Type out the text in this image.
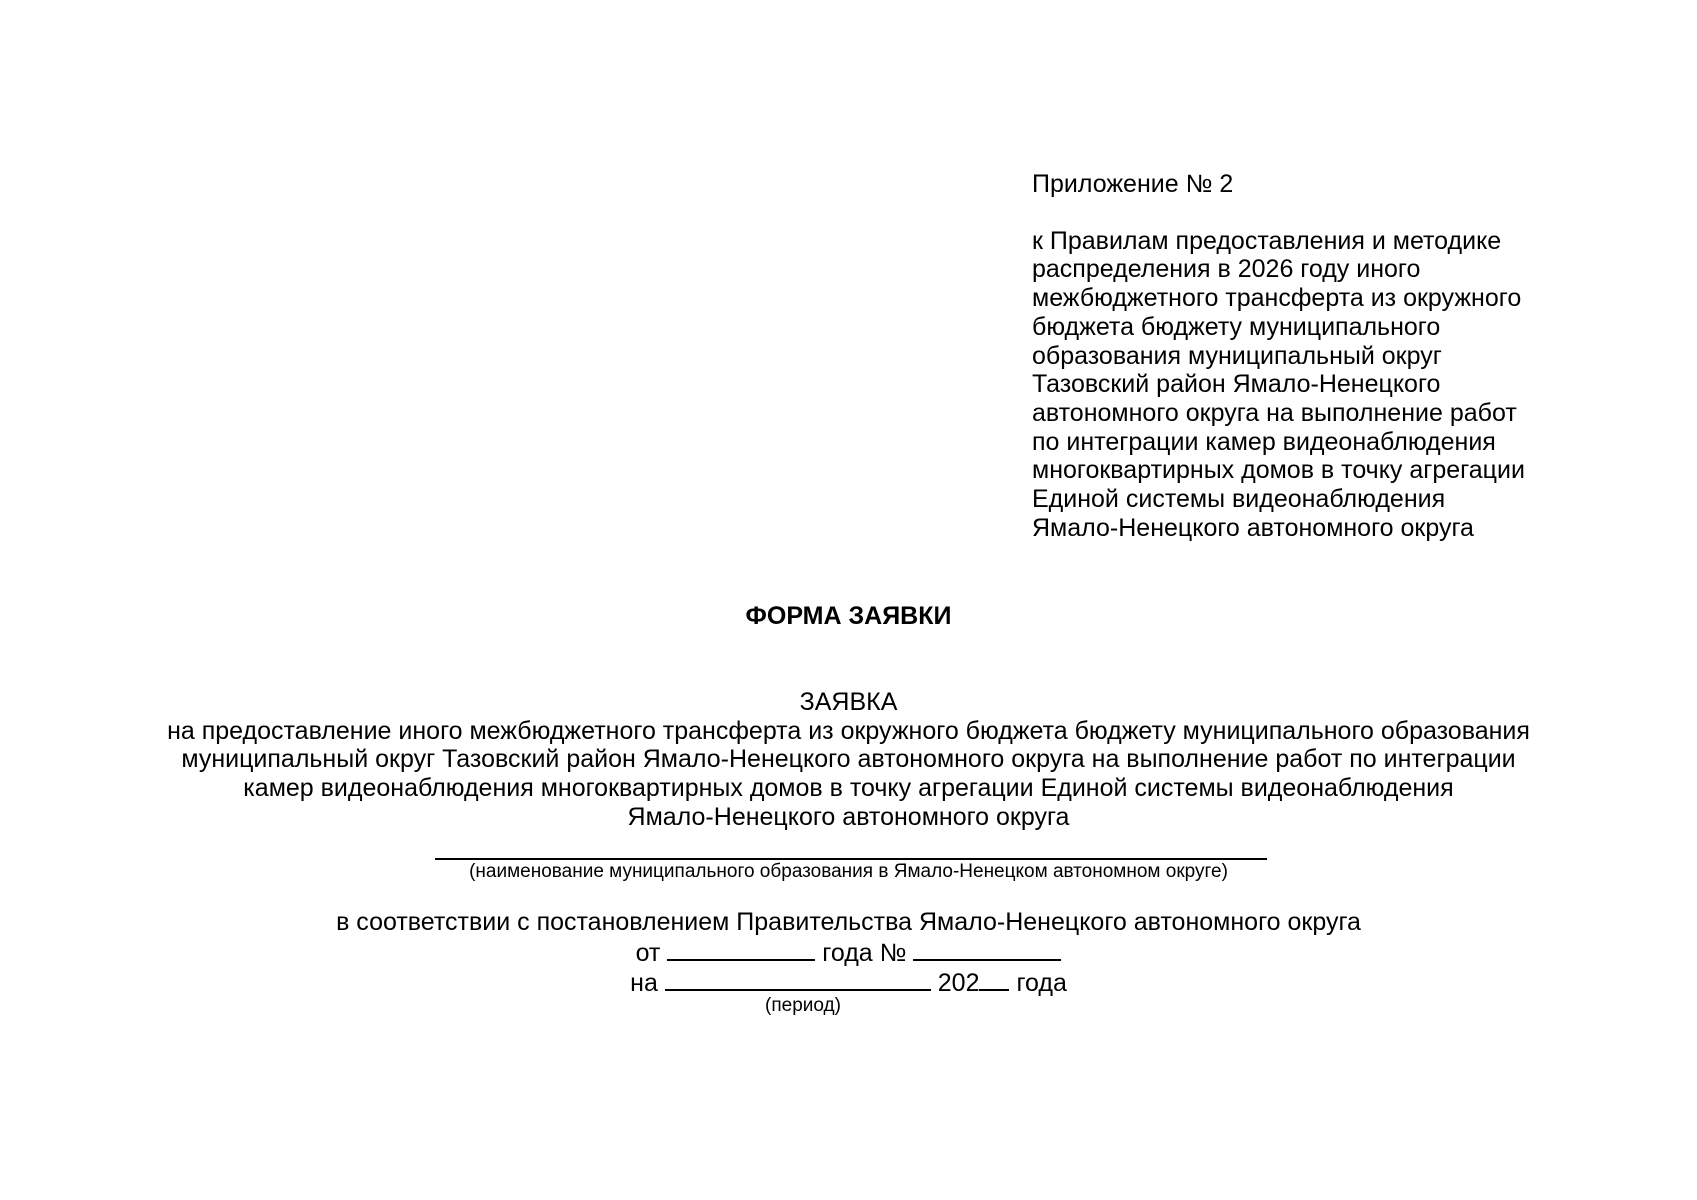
Приложение № 2
к Правилам предоставления и методике
распределения в 2026 году иного
межбюджетного трансферта из окружного
бюджета бюджету муниципального
образования муниципальный округ
Тазовский район Ямало-Ненецкого
автономного округа на выполнение работ
по интеграции камер видеонаблюдения
многоквартирных домов в точку агрегации
Единой системы видеонаблюдения
Ямало-Ненецкого автономного округа
ФОРМА ЗАЯВКИ
ЗАЯВКА
на предоставление иного межбюджетного трансферта из окружного бюджета бюджету муниципального образования
муниципальный округ Тазовский район Ямало-Ненецкого автономного округа на выполнение работ по интеграции
камер видеонаблюдения многоквартирных домов в точку агрегации Единой системы видеонаблюдения
Ямало-Ненецкого автономного округа
(наименование муниципального образования в Ямало-Ненецком автономном округе)
в соответствии с постановлением Правительства Ямало-Ненецкого автономного округа
от	года №
на	202 года
(период)
